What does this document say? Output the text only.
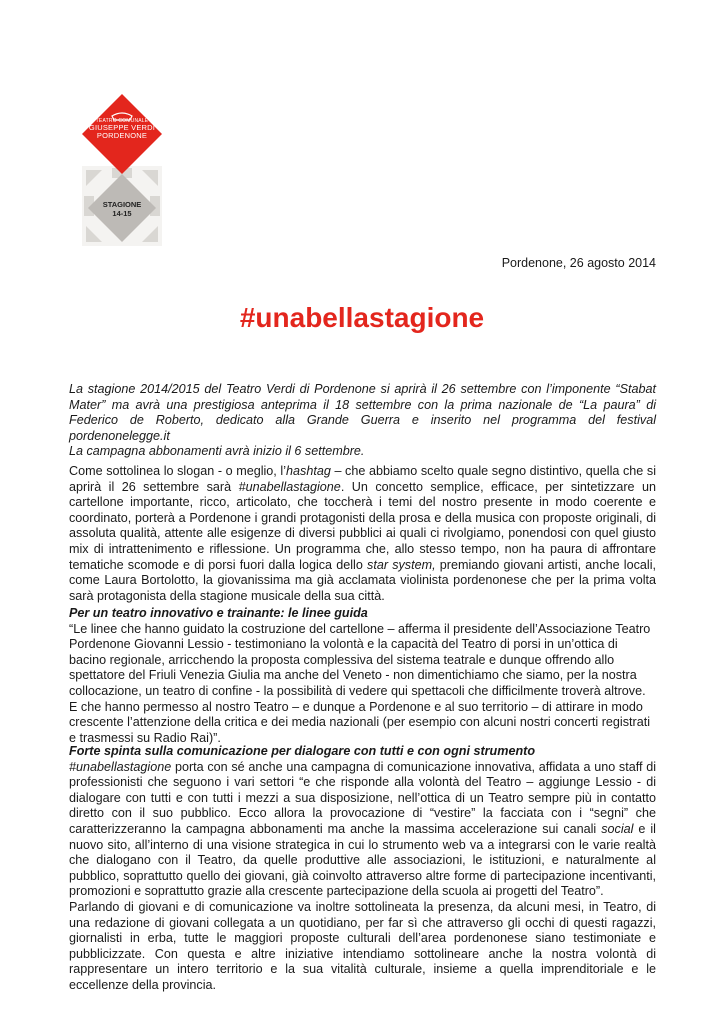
TEATRO COMUNALE
GIUSEPPE VERDI
PORDENONE
STAGIONE
14-15
Pordenone, 26 agosto 2014
#unabellastagione

La stagione 2014/2015 del Teatro Verdi di Pordenone si aprirà il 26 settembre con l’imponente “Stabat Mater” ma avrà una prestigiosa anteprima il 18 settembre con la prima nazionale de “La paura” di Federico de Roberto, dedicato alla Grande Guerra e inserito nel programma del festival pordenonelegge.it

La campagna abbonamenti avrà inizio il 6 settembre.

Come sottolinea lo slogan - o meglio, l’hashtag – che abbiamo scelto quale segno distintivo, quella che si aprirà il 26 settembre sarà #unabellastagione. Un concetto semplice, efficace, per sintetizzare un cartellone importante, ricco, articolato, che toccherà i temi del nostro presente in modo coerente e coordinato, porterà a Pordenone i grandi protagonisti della prosa e della musica con proposte originali, di assoluta qualità, attente alle esigenze di diversi pubblici ai quali ci rivolgiamo, ponendosi con quel giusto mix di intrattenimento e riflessione. Un programma che, allo stesso tempo, non ha paura di affrontare tematiche scomode e di porsi fuori dalla logica dello star system, premiando giovani artisti, anche locali, come Laura Bortolotto, la giovanissima ma già acclamata violinista pordenonese che per la prima volta sarà protagonista della stagione musicale della sua città.

Per un teatro innovativo e trainante: le linee guida

“Le linee che hanno guidato la costruzione del cartellone – afferma il presidente dell’Associazione Teatro Pordenone Giovanni Lessio - testimoniano la volontà e la capacità del Teatro di porsi in un’ottica di bacino regionale, arricchendo la proposta complessiva del sistema teatrale e dunque offrendo allo spettatore del Friuli Venezia Giulia ma anche del Veneto - non dimentichiamo che siamo, per la nostra collocazione, un teatro di confine - la possibilità di vedere qui spettacoli che difficilmente troverà altrove. E che hanno permesso al nostro Teatro – e dunque a Pordenone e al suo territorio – di attirare in modo crescente l’attenzione della critica e dei media nazionali (per esempio con alcuni nostri concerti registrati e trasmessi su Radio Rai)”.

Forte spinta sulla comunicazione per dialogare con tutti e con ogni strumento

#unabellastagione porta con sé anche una campagna di comunicazione innovativa, affidata a uno staff di professionisti che seguono i vari settori “e che risponde alla volontà del Teatro – aggiunge Lessio - di dialogare con tutti e con tutti i mezzi a sua disposizione, nell’ottica di un Teatro sempre più in contatto diretto con il suo pubblico. Ecco allora la provocazione di “vestire” la facciata con i “segni” che caratterizzeranno la campagna abbonamenti ma anche la massima accelerazione sui canali social e il nuovo sito, all’interno di una visione strategica in cui lo strumento web va a integrarsi con le varie realtà che dialogano con il Teatro, da quelle produttive alle associazioni, le istituzioni, e naturalmente al pubblico, soprattutto quello dei giovani, già coinvolto attraverso altre forme di partecipazione incentivanti, promozioni e soprattutto grazie alla crescente partecipazione della scuola ai progetti del Teatro”.

Parlando di giovani e di comunicazione va inoltre sottolineata la presenza, da alcuni mesi, in Teatro, di una redazione di giovani collegata a un quotidiano, per far sì che attraverso gli occhi di questi ragazzi, giornalisti in erba, tutte le maggiori proposte culturali dell’area pordenonese siano testimoniate e pubblicizzate. Con questa e altre iniziative intendiamo sottolineare anche la nostra volontà di rappresentare un intero territorio e la sua vitalità culturale, insieme a quella imprenditoriale e le eccellenze della provincia.
